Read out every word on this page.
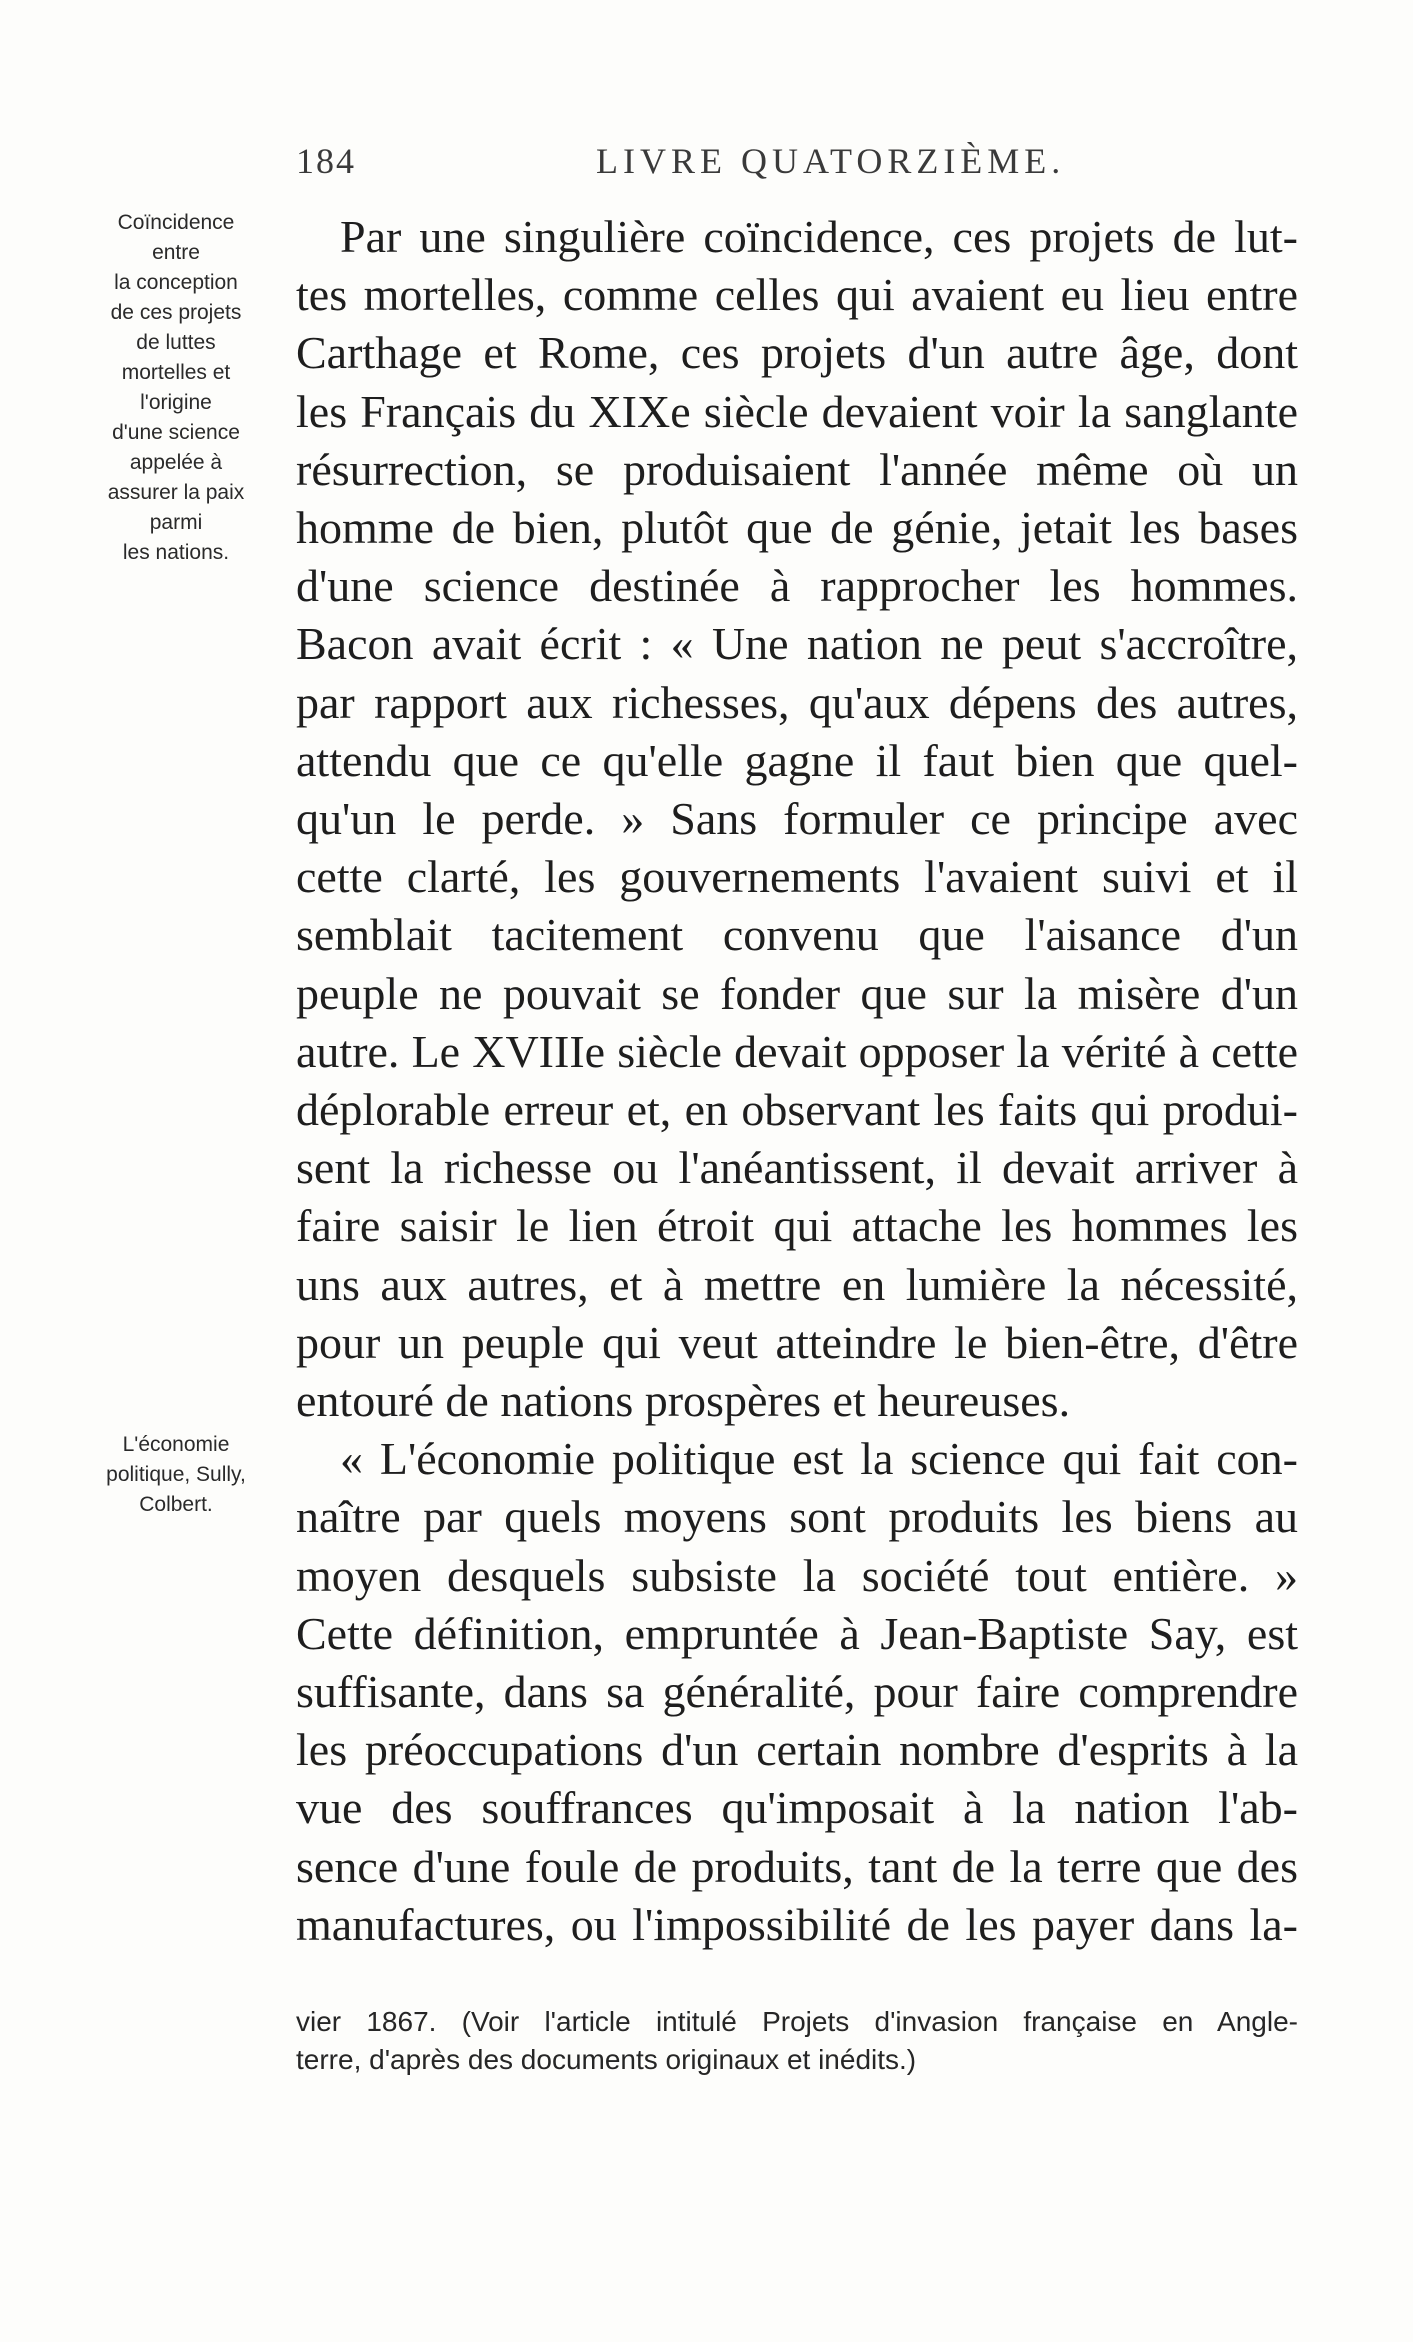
184	LIVRE QUATORZIÈME.
Coïncidence
entre
la conception
de ces projets
de luttes
mortelles et
l'origine
d'une science
appelée à
assurer la paix
parmi
les nations.
L'économie
politique, Sully,
Colbert.
Par une singulière coïncidence, ces projets de lut-
tes mortelles, comme celles qui avaient eu lieu entre
Carthage et Rome, ces projets d'un autre âge, dont
les Français du XIXe siècle devaient voir la sanglante
résurrection, se produisaient l'année même où un
homme de bien, plutôt que de génie, jetait les bases
d'une science destinée à rapprocher les hommes.
Bacon avait écrit : « Une nation ne peut s'accroître,
par rapport aux richesses, qu'aux dépens des autres,
attendu que ce qu'elle gagne il faut bien que quel-
qu'un le perde. » Sans formuler ce principe avec
cette clarté, les gouvernements l'avaient suivi et il
semblait tacitement convenu que l'aisance d'un
peuple ne pouvait se fonder que sur la misère d'un
autre. Le XVIIIe siècle devait opposer la vérité à cette
déplorable erreur et, en observant les faits qui produi-
sent la richesse ou l'anéantissent, il devait arriver à
faire saisir le lien étroit qui attache les hommes les
uns aux autres, et à mettre en lumière la nécessité,
pour un peuple qui veut atteindre le bien-être, d'être
entouré de nations prospères et heureuses.
« L'économie politique est la science qui fait con-
naître par quels moyens sont produits les biens au
moyen desquels subsiste la société tout entière. »
Cette définition, empruntée à Jean-Baptiste Say, est
suffisante, dans sa généralité, pour faire comprendre
les préoccupations d'un certain nombre d'esprits à la
vue des souffrances qu'imposait à la nation l'ab-
sence d'une foule de produits, tant de la terre que des
manufactures, ou l'impossibilité de les payer dans la-
vier 1867. (Voir l'article intitulé Projets d'invasion française en Angle-
terre, d'après des documents originaux et inédits.)
